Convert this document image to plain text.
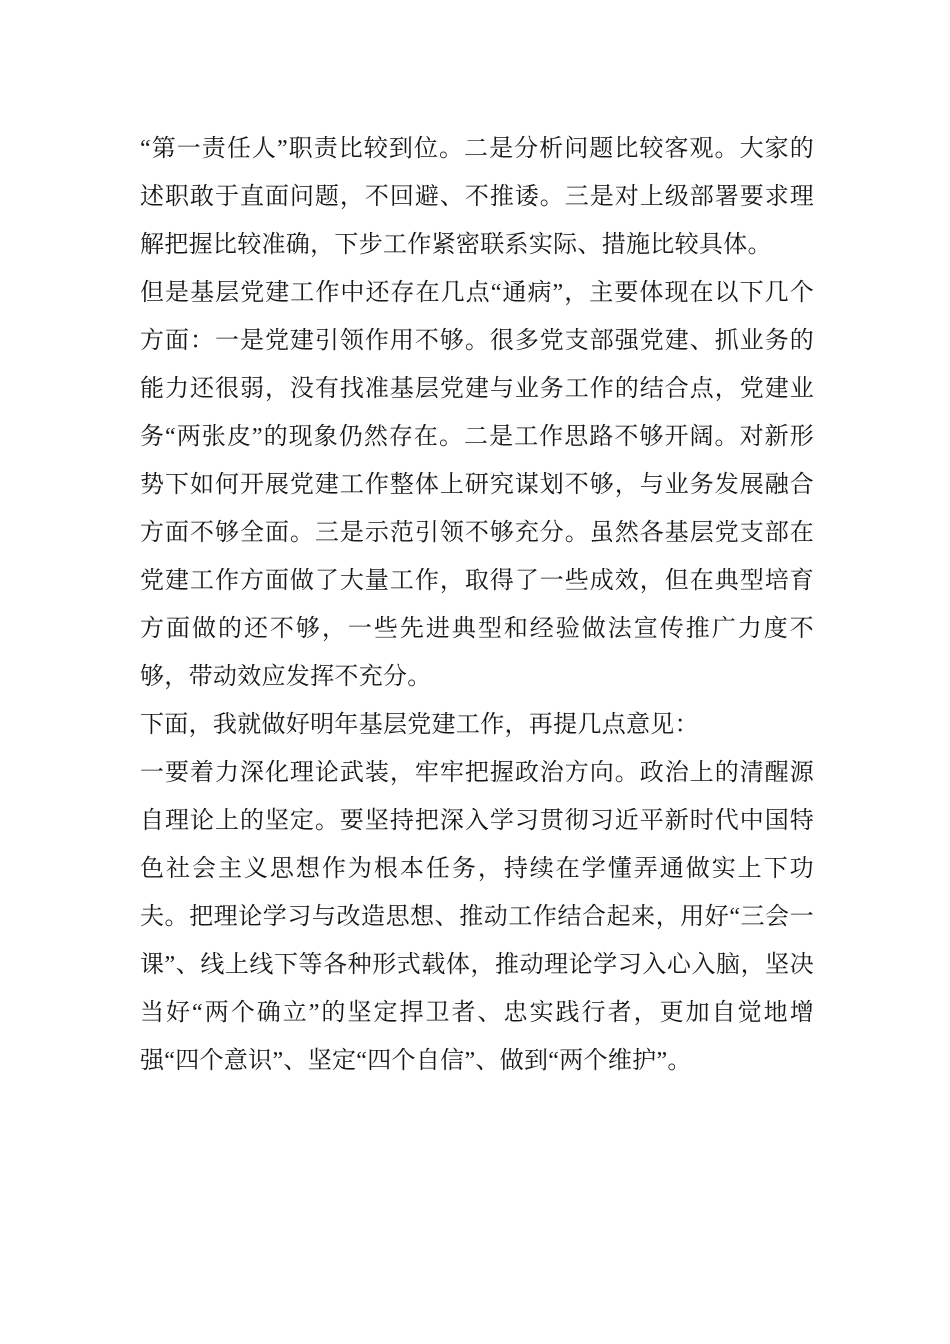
“第一责任人”职责比较到位。二是分析问题比较客观。大家的述职敢于直面问题，不回避、不推诿。三是对上级部署要求理解把握比较准确，下步工作紧密联系实际、措施比较具体。

但是基层党建工作中还存在几点“通病”，主要体现在以下几个方面：一是党建引领作用不够。很多党支部强党建、抓业务的能力还很弱，没有找准基层党建与业务工作的结合点，党建业务“两张皮”的现象仍然存在。二是工作思路不够开阔。对新形势下如何开展党建工作整体上研究谋划不够，与业务发展融合方面不够全面。三是示范引领不够充分。虽然各基层党支部在党建工作方面做了大量工作，取得了一些成效，但在典型培育方面做的还不够，一些先进典型和经验做法宣传推广力度不够，带动效应发挥不充分。

下面，我就做好明年基层党建工作，再提几点意见：

一要着力深化理论武装，牢牢把握政治方向。政治上的清醒源自理论上的坚定。要坚持把深入学习贯彻习近平新时代中国特色社会主义思想作为根本任务，持续在学懂弄通做实上下功夫。把理论学习与改造思想、推动工作结合起来，用好“三会一课”、线上线下等各种形式载体，推动理论学习入心入脑，坚决当好“两个确立”的坚定捍卫者、忠实践行者，更加自觉地增强“四个意识”、坚定“四个自信”、做到“两个维护”。
